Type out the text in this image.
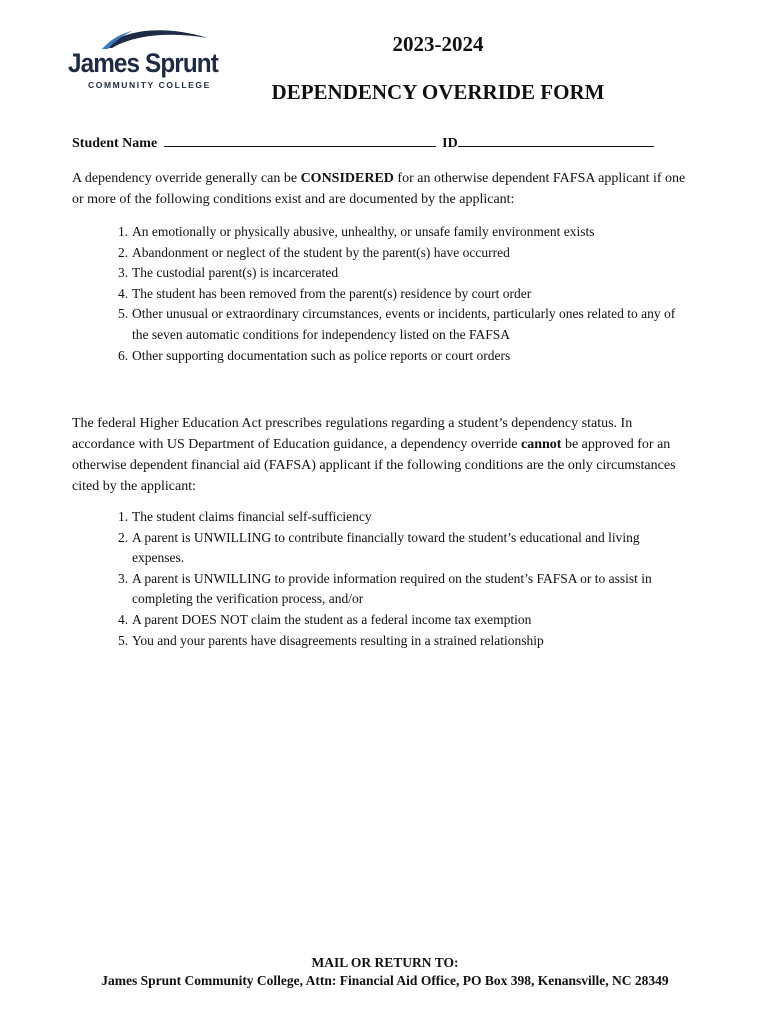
James Sprunt
COMMUNITY COLLEGE
2023-2024
DEPENDENCY OVERRIDE FORM
Student Name	ID
A dependency override generally can be CONSIDERED for an otherwise dependent FAFSA applicant if one or more of the following conditions exist and are documented by the applicant:
1. An emotionally or physically abusive, unhealthy, or unsafe family environment exists
2. Abandonment or neglect of the student by the parent(s) have occurred
3. The custodial parent(s) is incarcerated
4. The student has been removed from the parent(s) residence by court order
5. Other unusual or extraordinary circumstances, events or incidents, particularly ones related to any of the seven automatic conditions for independency listed on the FAFSA
6. Other supporting documentation such as police reports or court orders
The federal Higher Education Act prescribes regulations regarding a student’s dependency status. In accordance with US Department of Education guidance, a dependency override cannot be approved for an otherwise dependent financial aid (FAFSA) applicant if the following conditions are the only circumstances cited by the applicant:
1. The student claims financial self-sufficiency
2. A parent is UNWILLING to contribute financially toward the student’s educational and living expenses.
3. A parent is UNWILLING to provide information required on the student’s FAFSA or to assist in completing the verification process, and/or
4. A parent DOES NOT claim the student as a federal income tax exemption
5. You and your parents have disagreements resulting in a strained relationship
MAIL OR RETURN TO:
James Sprunt Community College, Attn: Financial Aid Office, PO Box 398, Kenansville, NC 28349
